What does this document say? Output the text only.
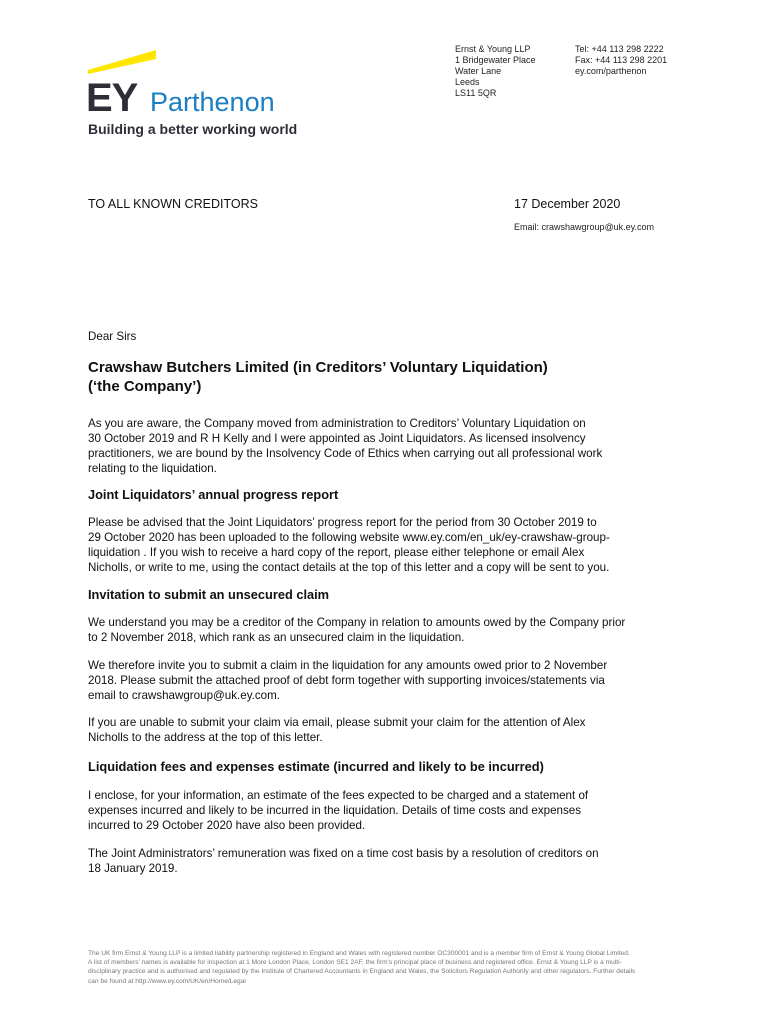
EY Parthenon
Building a better working world
Ernst & Young LLP
1 Bridgewater Place
Water Lane
Leeds
LS11 5QR
Tel: +44 113 298 2222
Fax: +44 113 298 2201
ey.com/parthenon
TO ALL KNOWN CREDITORS	17 December 2020
Email: crawshawgroup@uk.ey.com
Dear Sirs
Crawshaw Butchers Limited (in Creditors’ Voluntary Liquidation)
(‘the Company’)
As you are aware, the Company moved from administration to Creditors’ Voluntary Liquidation on
30 October 2019 and R H Kelly and I were appointed as Joint Liquidators. As licensed insolvency
practitioners, we are bound by the Insolvency Code of Ethics when carrying out all professional work
relating to the liquidation.
Joint Liquidators’ annual progress report
Please be advised that the Joint Liquidators’ progress report for the period from 30 October 2019 to
29 October 2020 has been uploaded to the following website www.ey.com/en_uk/ey-crawshaw-group-
liquidation . If you wish to receive a hard copy of the report, please either telephone or email Alex
Nicholls, or write to me, using the contact details at the top of this letter and a copy will be sent to you.
Invitation to submit an unsecured claim
We understand you may be a creditor of the Company in relation to amounts owed by the Company prior
to 2 November 2018, which rank as an unsecured claim in the liquidation.
We therefore invite you to submit a claim in the liquidation for any amounts owed prior to 2 November
2018. Please submit the attached proof of debt form together with supporting invoices/statements via
email to crawshawgroup@uk.ey.com.
If you are unable to submit your claim via email, please submit your claim for the attention of Alex
Nicholls to the address at the top of this letter.
Liquidation fees and expenses estimate (incurred and likely to be incurred)
I enclose, for your information, an estimate of the fees expected to be charged and a statement of
expenses incurred and likely to be incurred in the liquidation. Details of time costs and expenses
incurred to 29 October 2020 have also been provided.
The Joint Administrators’ remuneration was fixed on a time cost basis by a resolution of creditors on
18 January 2019.
The UK firm Ernst & Young LLP is a limited liability partnership registered in England and Wales with registered number OC300001 and is a member firm of Ernst & Young Global Limited.
A list of members’ names is available for inspection at 1 More London Place, London SE1 2AF, the firm’s principal place of business and registered office. Ernst & Young LLP is a multi-
disciplinary practice and is authorised and regulated by the Institute of Chartered Accountants in England and Wales, the Solicitors Regulation Authority and other regulators. Further details
can be found at http://www.ey.com/UK/en/Home/Legal
